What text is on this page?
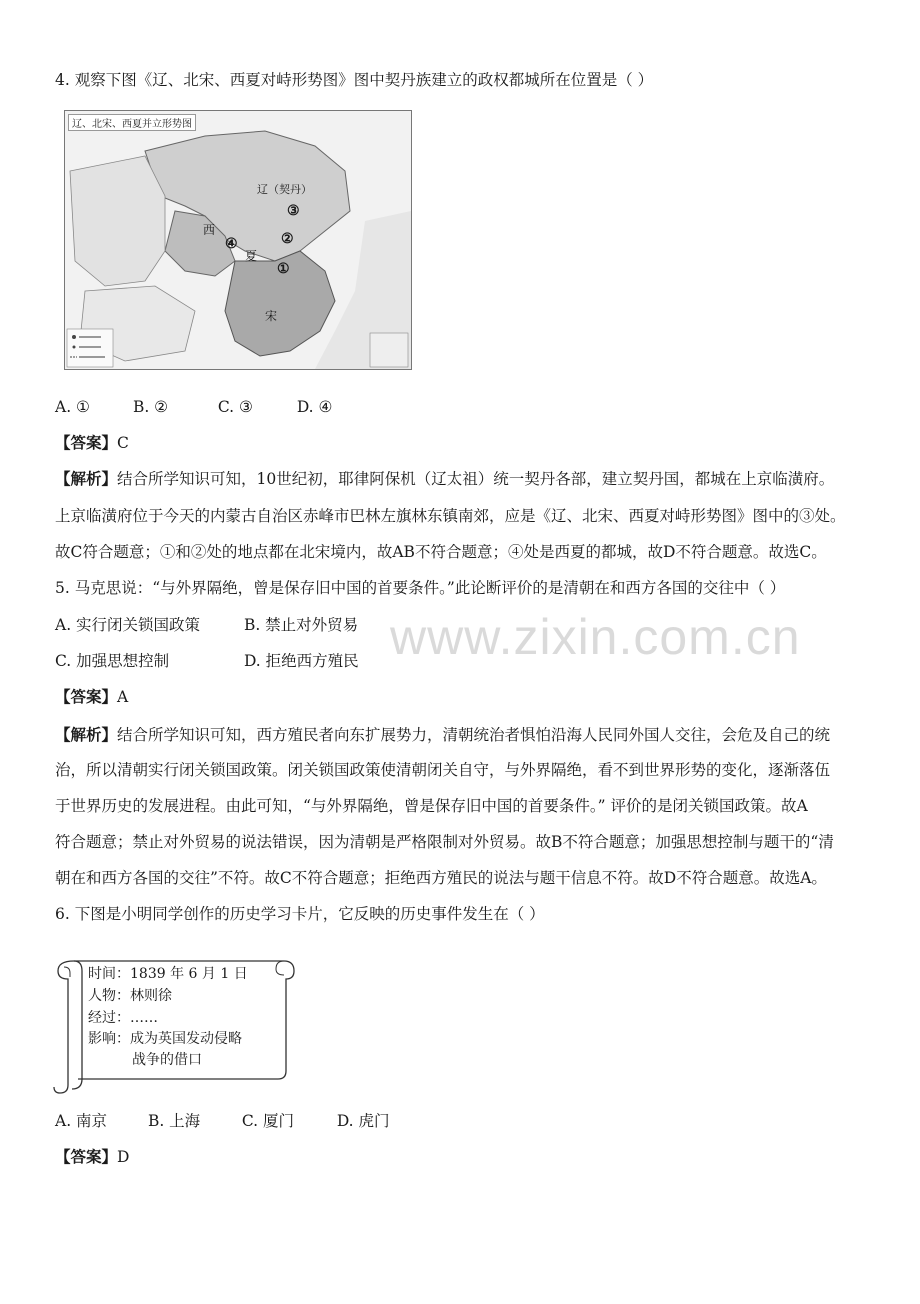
4. 观察下图《辽、北宋、西夏对峙形势图》图中契丹族建立的政权都城所在位置是（ ）
辽、北宋、西夏并立形势图
辽（契丹）
西
夏
宋
③
②
④
①
A. ①	B. ②	C. ③	D. ④
【答案】C
【解析】结合所学知识可知，10世纪初，耶律阿保机（辽太祖）统一契丹各部，建立契丹国，都城在上京临潢府。
上京临潢府位于今天的内蒙古自治区赤峰市巴林左旗林东镇南郊，应是《辽、北宋、西夏对峙形势图》图中的③处。
故C符合题意；①和②处的地点都在北宋境内，故AB不符合题意；④处是西夏的都城，故D不符合题意。故选C。
5. 马克思说：“与外界隔绝，曾是保存旧中国的首要条件。”此论断评价的是清朝在和西方各国的交往中（ ）
A. 实行闭关锁国政策	B. 禁止对外贸易
C. 加强思想控制	D. 拒绝西方殖民 www.zixin.com.cn
【答案】A
【解析】结合所学知识可知，西方殖民者向东扩展势力，清朝统治者惧怕沿海人民同外国人交往，会危及自己的统
治，所以清朝实行闭关锁国政策。闭关锁国政策使清朝闭关自守，与外界隔绝，看不到世界形势的变化，逐渐落伍
于世界历史的发展进程。由此可知，“与外界隔绝，曾是保存旧中国的首要条件。” 评价的是闭关锁国政策。故A
符合题意；禁止对外贸易的说法错误，因为清朝是严格限制对外贸易。故B不符合题意；加强思想控制与题干的“清
朝在和西方各国的交往”不符。故C不符合题意；拒绝西方殖民的说法与题干信息不符。故D不符合题意。故选A。
6. 下图是小明同学创作的历史学习卡片，它反映的历史事件发生在（ ）
时间：1839 年 6 月 1 日
人物：林则徐
经过：……
影响：成为英国发动侵略
战争的借口
A. 南京	B. 上海	C. 厦门	D. 虎门
【答案】D
